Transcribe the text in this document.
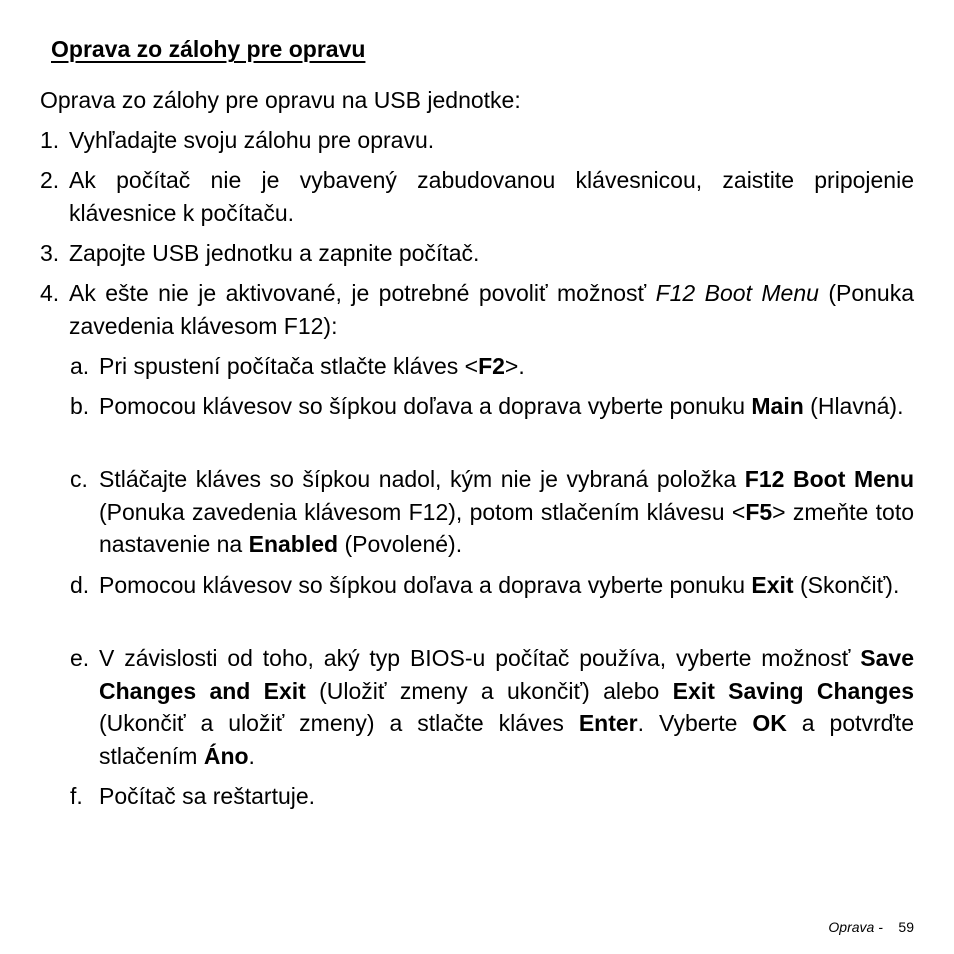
Oprava zo zálohy pre opravu
Oprava zo zálohy pre opravu na USB jednotke:
1. Vyhľadajte svoju zálohu pre opravu.
2. Ak počítač nie je vybavený zabudovanou klávesnicou, zaistite pripojenie klávesnice k počítaču.
3. Zapojte USB jednotku a zapnite počítač.
4. Ak ešte nie je aktivované, je potrebné povoliť možnosť F12 Boot Menu (Ponuka zavedenia klávesom F12):
a. Pri spustení počítača stlačte kláves <F2>.
b. Pomocou klávesov so šípkou doľava a doprava vyberte ponuku Main (Hlavná).
c. Stláčajte kláves so šípkou nadol, kým nie je vybraná položka F12 Boot Menu (Ponuka zavedenia klávesom F12), potom stlačením klávesu <F5> zmeňte toto nastavenie na Enabled (Povolené).
d. Pomocou klávesov so šípkou doľava a doprava vyberte ponuku Exit (Skončiť).
e. V závislosti od toho, aký typ BIOS-u počítač používa, vyberte možnosť Save Changes and Exit (Uložiť zmeny a ukončiť) alebo Exit Saving Changes (Ukončiť a uložiť zmeny) a stlačte kláves Enter. Vyberte OK a potvrďte stlačením Áno.
f. Počítač sa reštartuje.
Oprava - 59
